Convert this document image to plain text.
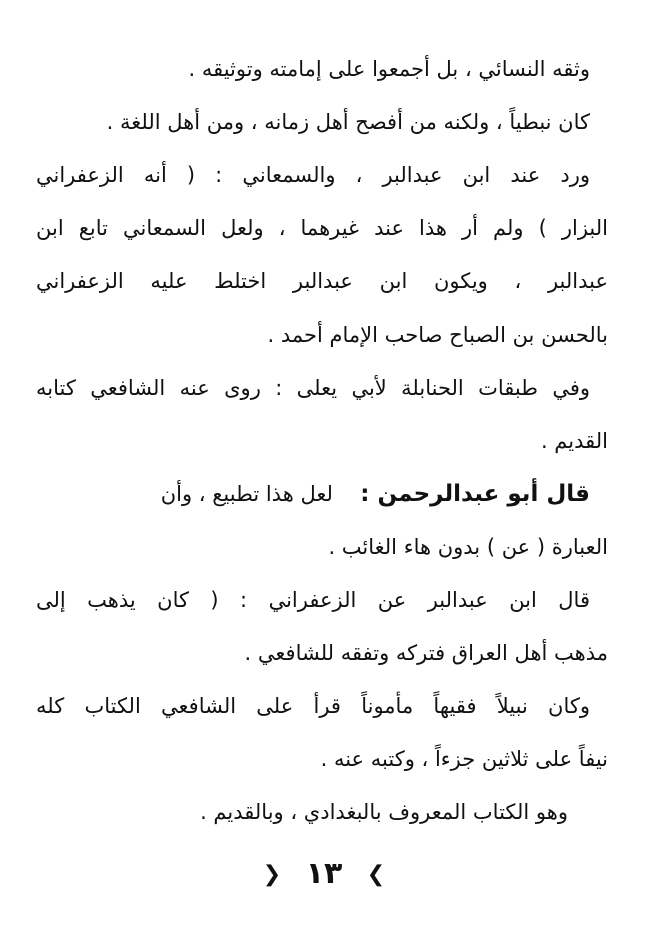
وثقه النسائي ، بل أجمعوا على إمامته وتوثيقه .
كان نبطياً ، ولكنه من أفصح أهل زمانه ، ومن أهل اللغة .
ورد عند ابن عبدالبر ، والسمعاني : ( أنه الزعفراني
البزار ) ولم أر هذا عند غيرهما ، ولعل السمعاني تابع ابن
عبدالبر ، ويكون ابن عبدالبر اختلط عليه الزعفراني
بالحسن بن الصباح صاحب الإمام أحمد .
وفي طبقات الحنابلة لأبي يعلى : روى عنه الشافعي كتابه
القديم .
قال أبو عبدالرحمن :  لعل هذا تطبيع ، وأن
العبارة ( عن ) بدون هاء الغائب .
قال ابن عبدالبر عن الزعفراني : ( كان يذهب إلى
مذهب أهل العراق فتركه وتفقه للشافعي .
وكان نبيلاً فقيهاً مأموناً قرأ على الشافعي الكتاب كله
نيفاً على ثلاثين جزءاً ، وكتبه عنه .
وهو الكتاب المعروف بالبغدادي ، وبالقديم .
❯ ١٣ ❮
